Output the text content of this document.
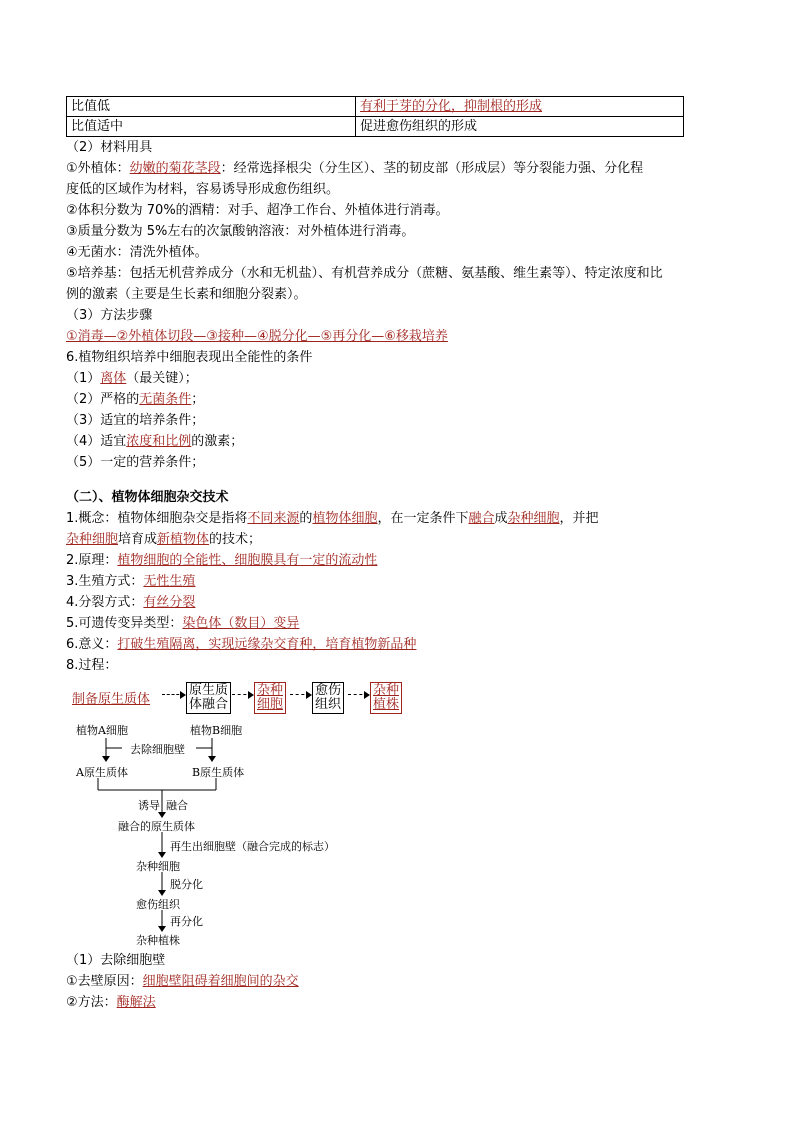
比值低	有利于芽的分化，抑制根的形成
比值适中	促进愈伤组织的形成
（2）材料用具
①外植体：幼嫩的菊花茎段：经常选择根尖（分生区）、茎的韧皮部（形成层）等分裂能力强、分化程
度低的区域作为材料，容易诱导形成愈伤组织。
②体积分数为 70%的酒精：对手、超净工作台、外植体进行消毒。
③质量分数为 5%左右的次氯酸钠溶液：对外植体进行消毒。
④无菌水：清洗外植体。
⑤培养基：包括无机营养成分（水和无机盐）、有机营养成分（蔗糖、氨基酸、维生素等）、特定浓度和比
例的激素（主要是生长素和细胞分裂素）。
（3）方法步骤
①消毒—②外植体切段—③接种—④脱分化—⑤再分化—⑥移栽培养
6.植物组织培养中细胞表现出全能性的条件
（1）离体（最关键）；
（2）严格的无菌条件；
（3）适宜的培养条件；
（4）适宜浓度和比例的激素；
（5）一定的营养条件；
（二）、植物体细胞杂交技术
1.概念：植物体细胞杂交是指将不同来源的植物体细胞，在一定条件下融合成杂种细胞，并把
杂种细胞培育成新植物体的技术；
2.原理：植物细胞的全能性、细胞膜具有一定的流动性
3.生殖方式：无性生殖
4.分裂方式：有丝分裂
5.可遗传变异类型：染色体（数目）变异
6.意义：打破生殖隔离，实现远缘杂交育种，培育植物新品种
8.过程：
制备原生质体
原生质
体融合
杂种
细胞
愈伤
组织
杂种
植株
植物A细胞	植物B细胞
去除细胞壁
A原生质体	B原生质体
诱导 融合
融合的原生质体
再生出细胞壁（融合完成的标志）
杂种细胞
脱分化
愈伤组织
再分化
杂种植株
（1）去除细胞壁
①去壁原因：细胞壁阻碍着细胞间的杂交
②方法：酶解法
